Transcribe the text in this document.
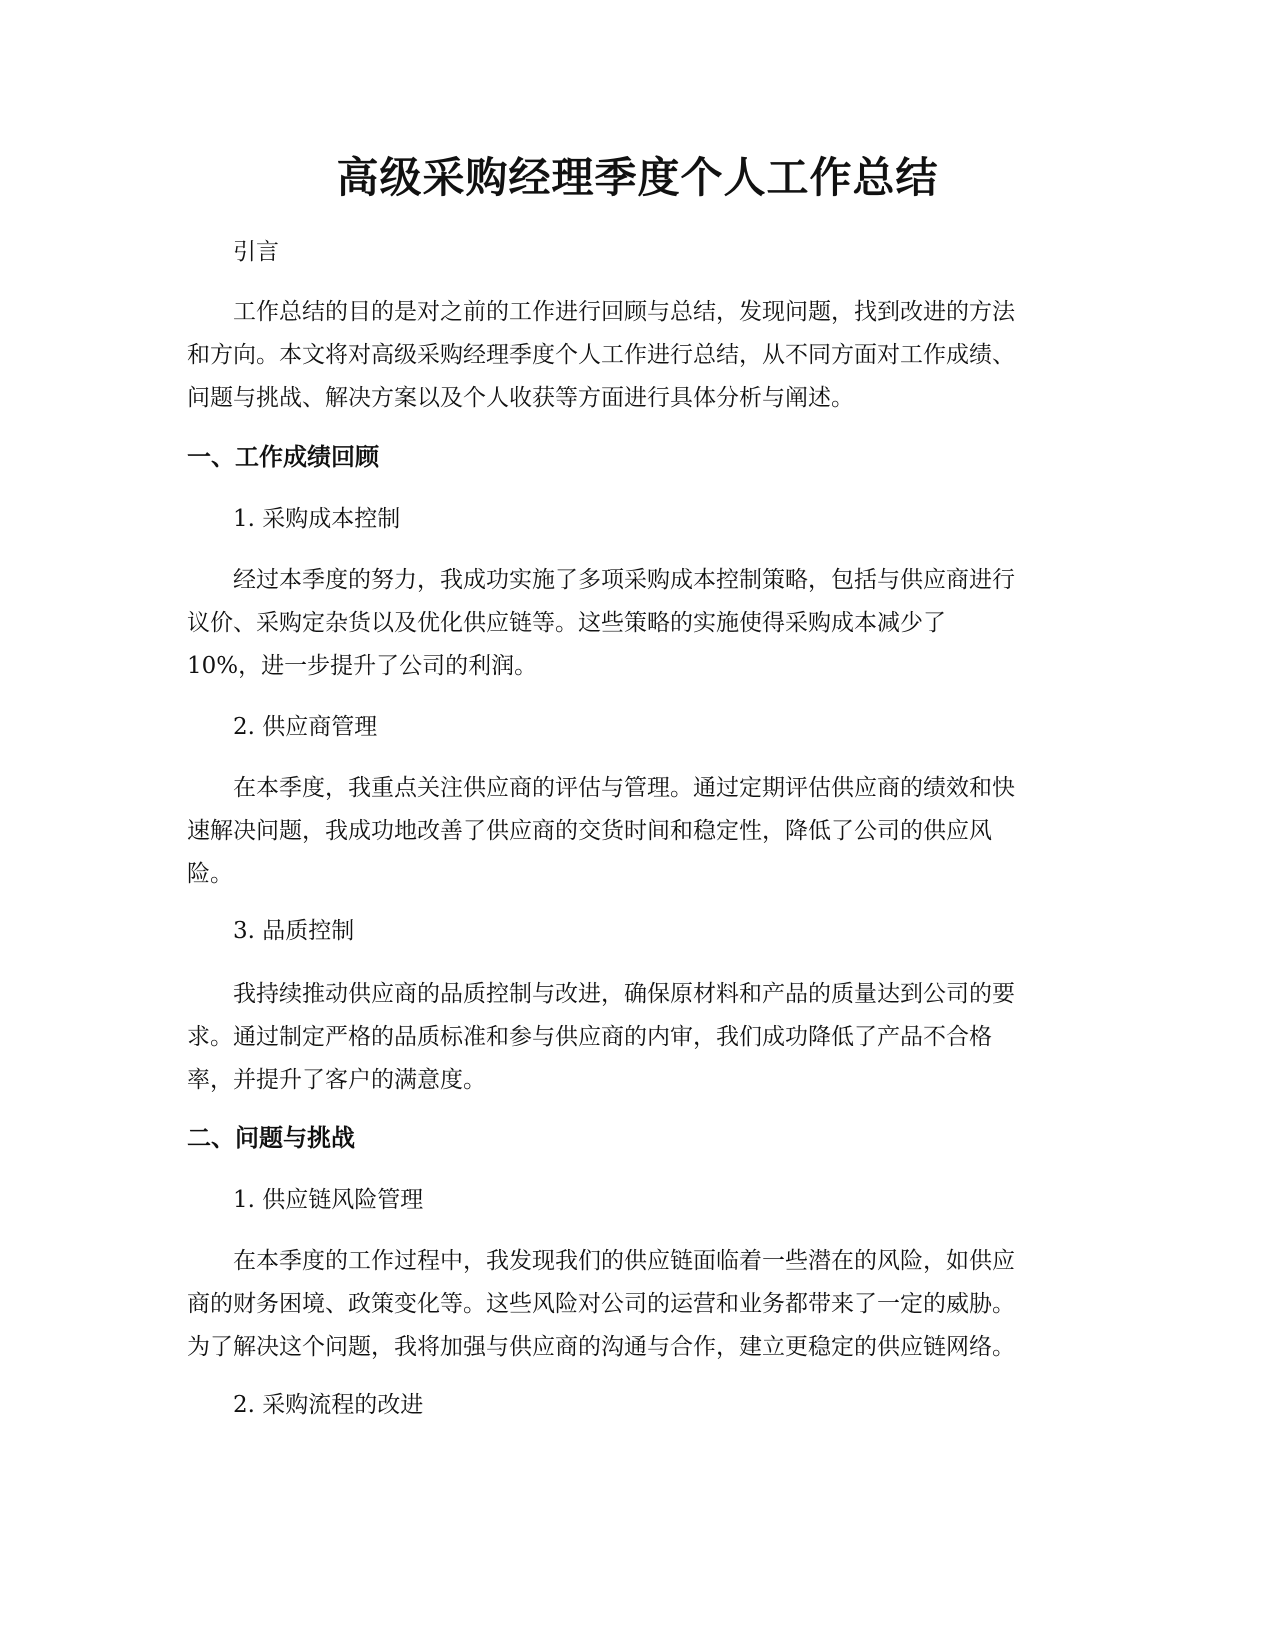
高级采购经理季度个人工作总结

引言

工作总结的目的是对之前的工作进行回顾与总结，发现问题，找到改进的方法
和方向。本文将对高级采购经理季度个人工作进行总结，从不同方面对工作成绩、
问题与挑战、解决方案以及个人收获等方面进行具体分析与阐述。
一、工作成绩回顾

1. 采购成本控制

经过本季度的努力，我成功实施了多项采购成本控制策略，包括与供应商进行
议价、采购定杂货以及优化供应链等。这些策略的实施使得采购成本减少了
10%，进一步提升了公司的利润。

2. 供应商管理

在本季度，我重点关注供应商的评估与管理。通过定期评估供应商的绩效和快
速解决问题，我成功地改善了供应商的交货时间和稳定性，降低了公司的供应风
险。

3. 品质控制

我持续推动供应商的品质控制与改进，确保原材料和产品的质量达到公司的要
求。通过制定严格的品质标准和参与供应商的内审，我们成功降低了产品不合格
率，并提升了客户的满意度。
二、问题与挑战

1. 供应链风险管理

在本季度的工作过程中，我发现我们的供应链面临着一些潜在的风险，如供应
商的财务困境、政策变化等。这些风险对公司的运营和业务都带来了一定的威胁。
为了解决这个问题，我将加强与供应商的沟通与合作，建立更稳定的供应链网络。

2. 采购流程的改进
